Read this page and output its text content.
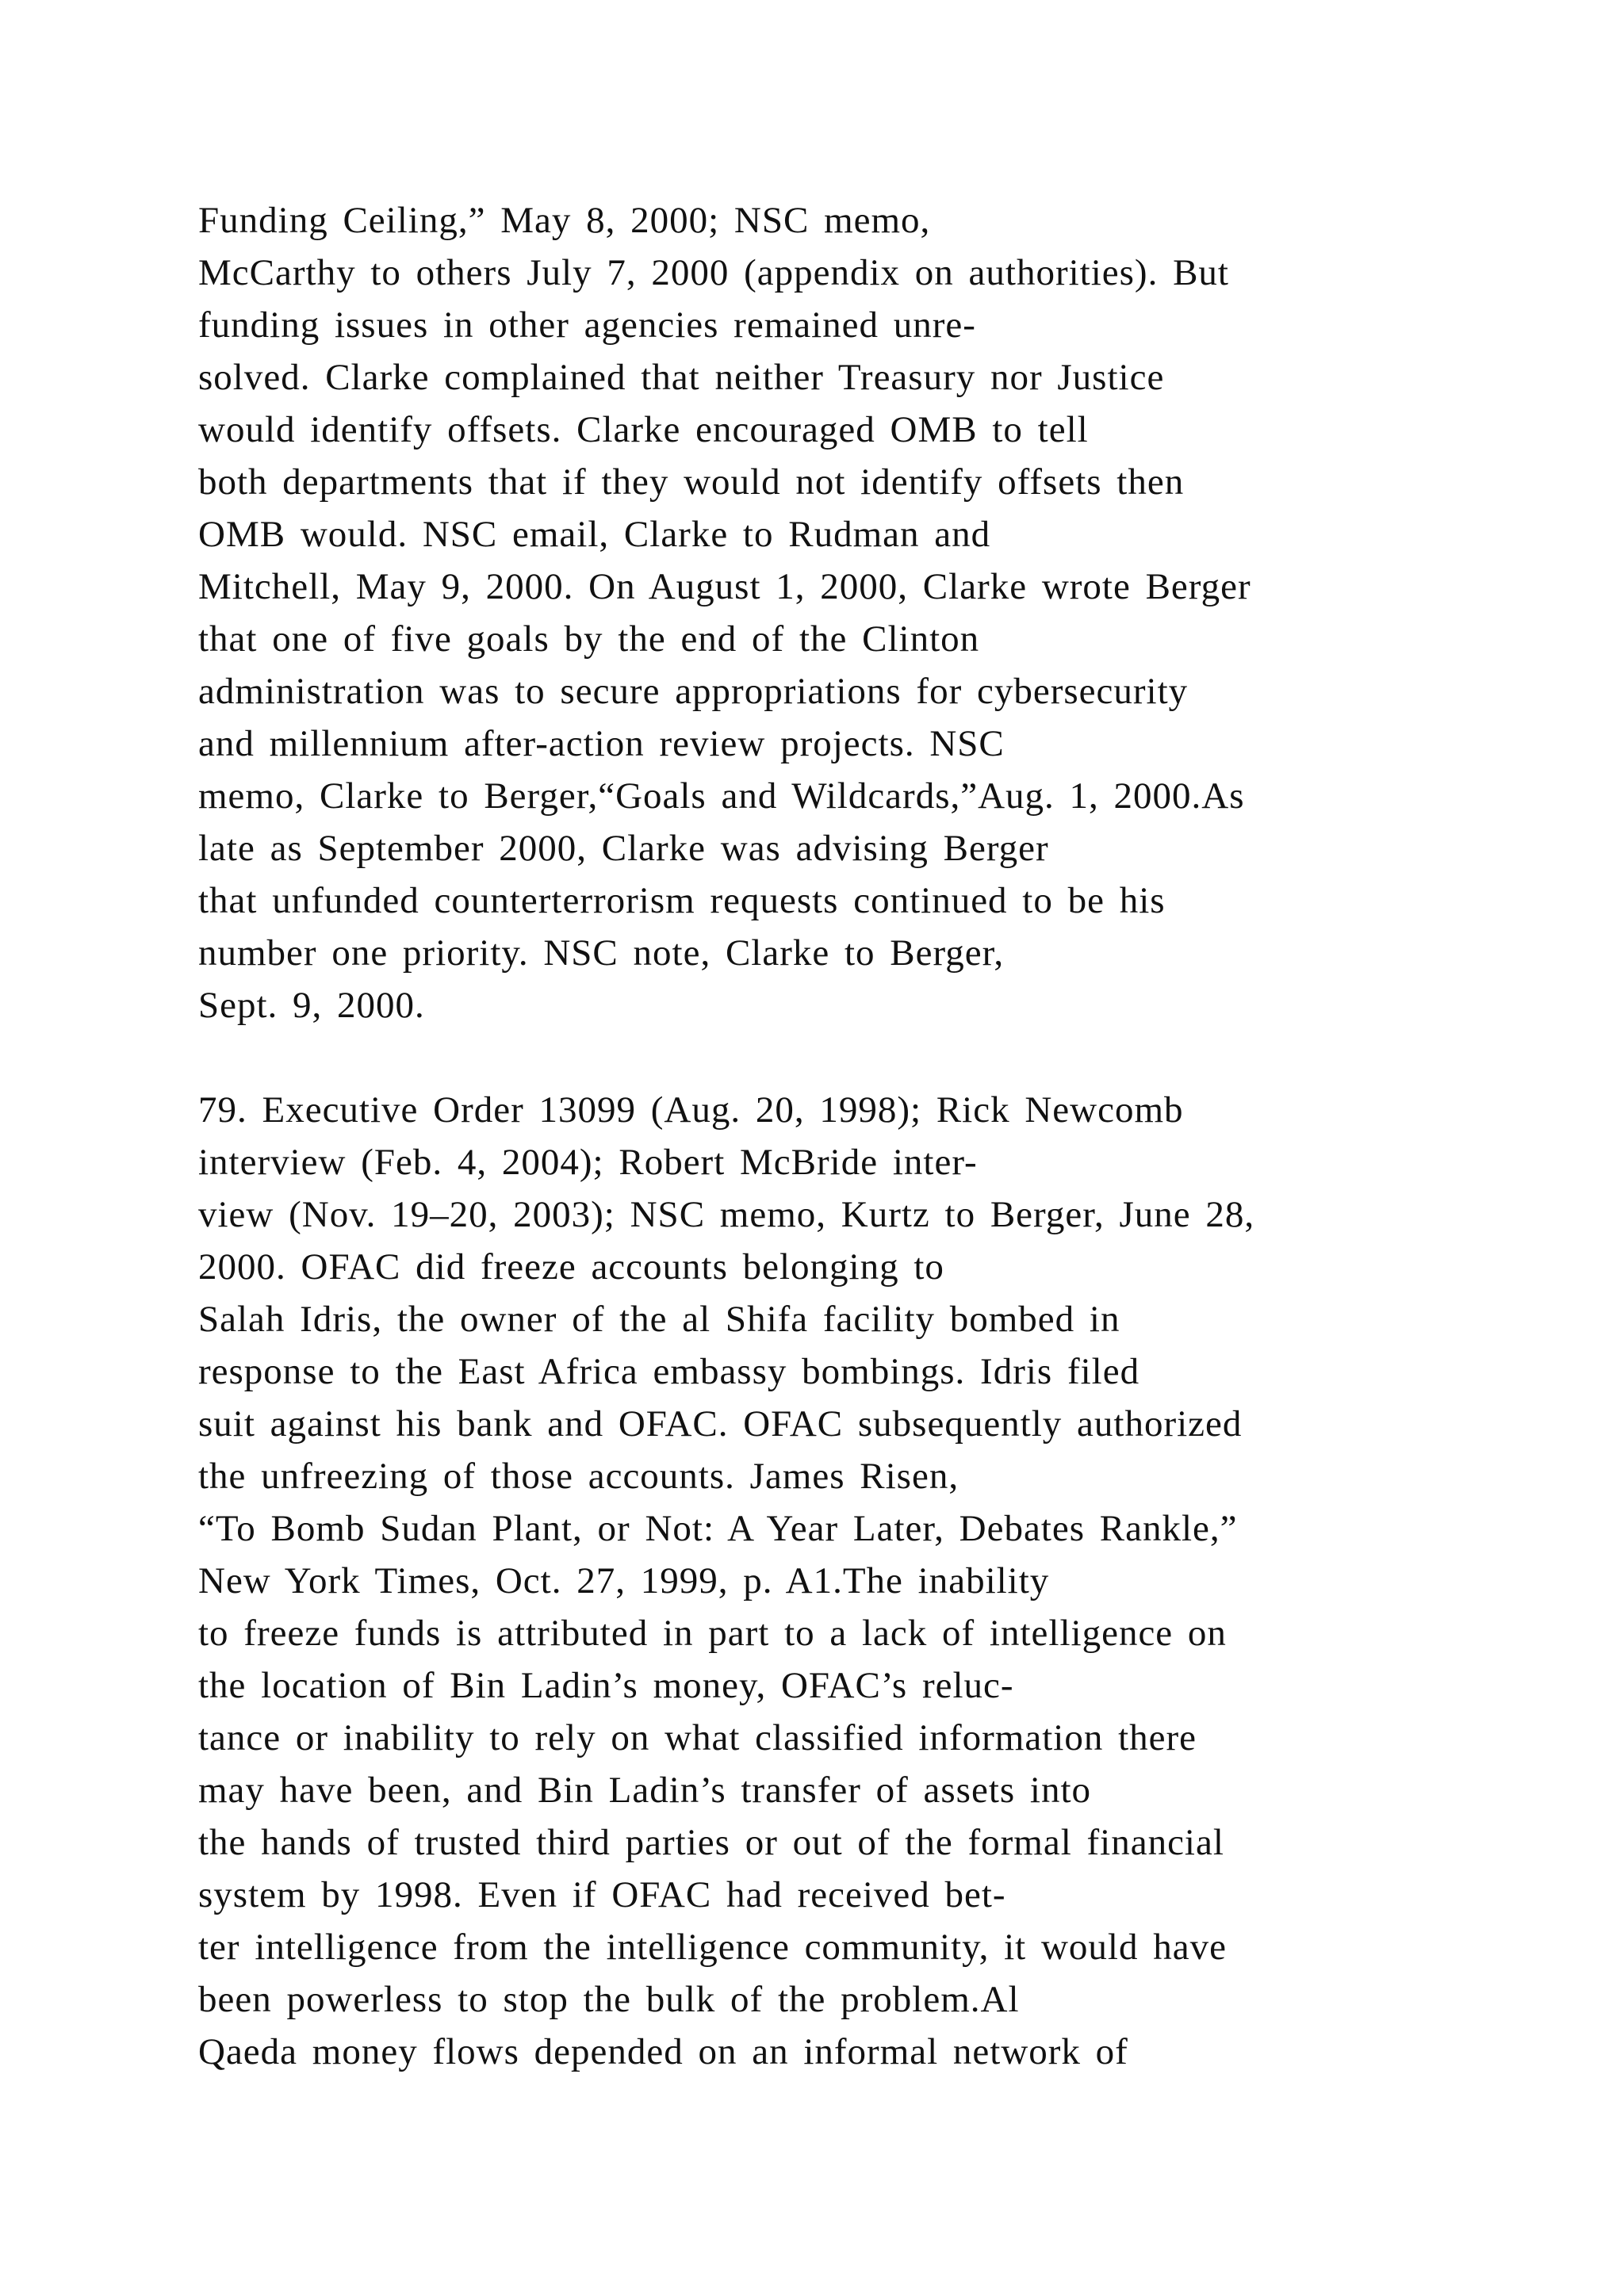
Funding Ceiling,” May 8, 2000; NSC memo,
McCarthy to others July 7, 2000 (appendix on authorities). But
funding issues in other agencies remained unre-
solved. Clarke complained that neither Treasury nor Justice
would identify offsets. Clarke encouraged OMB to tell
both departments that if they would not identify offsets then
OMB would. NSC email, Clarke to Rudman and
Mitchell, May 9, 2000. On August 1, 2000, Clarke wrote Berger
that one of five goals by the end of the Clinton
administration was to secure appropriations for cybersecurity
and millennium after-action review projects. NSC
memo, Clarke to Berger,“Goals and Wildcards,”Aug. 1, 2000.As
late as September 2000, Clarke was advising Berger
that unfunded counterterrorism requests continued to be his
number one priority. NSC note, Clarke to Berger,
Sept. 9, 2000.
79. Executive Order 13099 (Aug. 20, 1998); Rick Newcomb
interview (Feb. 4, 2004); Robert McBride inter-
view (Nov. 19–20, 2003); NSC memo, Kurtz to Berger, June 28,
2000. OFAC did freeze accounts belonging to
Salah Idris, the owner of the al Shifa facility bombed in
response to the East Africa embassy bombings. Idris filed
suit against his bank and OFAC. OFAC subsequently authorized
the unfreezing of those accounts. James Risen,
“To Bomb Sudan Plant, or Not: A Year Later, Debates Rankle,”
New York Times, Oct. 27, 1999, p. A1.The inability
to freeze funds is attributed in part to a lack of intelligence on
the location of Bin Ladin’s money, OFAC’s reluc-
tance or inability to rely on what classified information there
may have been, and Bin Ladin’s transfer of assets into
the hands of trusted third parties or out of the formal financial
system by 1998. Even if OFAC had received bet-
ter intelligence from the intelligence community, it would have
been powerless to stop the bulk of the problem.Al
Qaeda money flows depended on an informal network of
